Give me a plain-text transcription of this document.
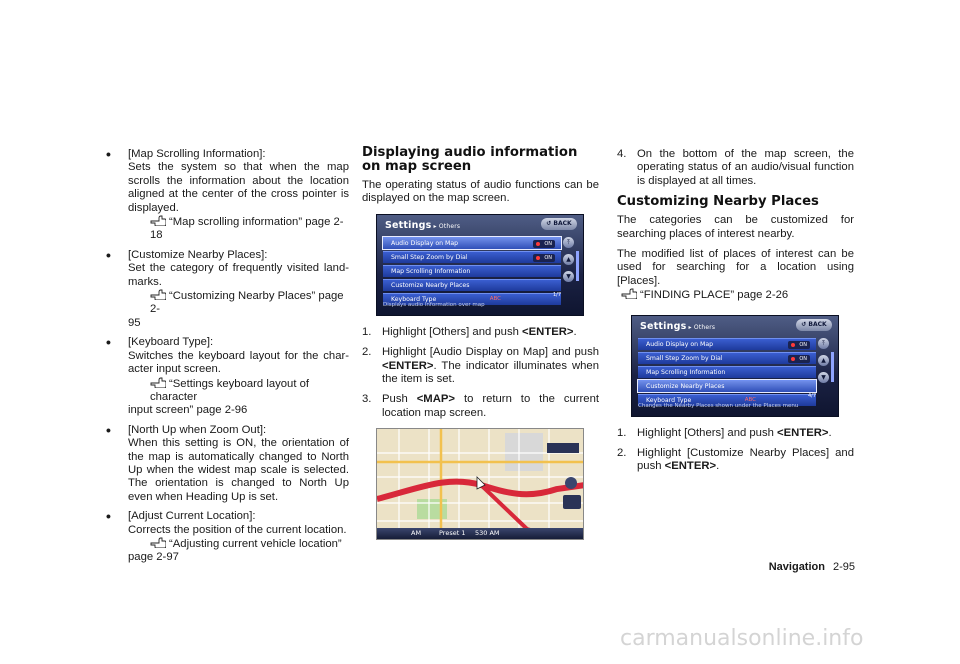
• [Map Scrolling Information]:
Sets the system so that when the map scrolls the information about the location aligned at the center of the cross pointer is displayed.
“Map scrolling information” page 2-18
• [Customize Nearby Places]:
Set the category of frequently visited land-marks.
“Customizing Nearby Places” page 2-
95
• [Keyboard Type]:
Switches the keyboard layout for the char-acter input screen.
“Settings keyboard layout of character
input screen” page 2-96
• [North Up when Zoom Out]:
When this setting is ON, the orientation of the map is automatically changed to North Up when the widest map scale is selected. The orientation is changed to North Up even when Heading Up is set.
• [Adjust Current Location]:
Corrects the position of the current location.
“Adjusting current vehicle location”
page 2-97
Displaying audio information on map screen

The operating status of audio functions can be displayed on the map screen.

Settings ▸ Others	↺ BACK
Audio Display on Map	ON
Small Step Zoom by Dial	ON
Map Scrolling Information
Customize Nearby Places
Keyboard Type	ABC
⤒
▲
▼
1/7
Displays audio information over map
1. Highlight [Others] and push <ENTER>.
2. Highlight [Audio Display on Map] and push <ENTER>. The indicator illuminates when the item is set.
3. Push <MAP> to return to the current location map screen.
AM	Preset 1 530 AM
4. On the bottom of the map screen, the operating status of an audio/visual function is displayed at all times.
Customizing Nearby Places

The categories can be customized for searching places of interest nearby.

The modified list of places of interest can be used for searching for a location using [Places].

“FINDING PLACE” page 2-26
Settings ▸ Others	↺ BACK
Audio Display on Map	ON
Small Step Zoom by Dial	ON
Map Scrolling Information
Customize Nearby Places
Keyboard Type	ABC
⤒
▲
▼
4/7
Changes the Nearby Places shown under the Places menu
1. Highlight [Others] and push <ENTER>.
2. Highlight [Customize Nearby Places] and push <ENTER>.
Navigation 2-95
carmanualsonline.info
